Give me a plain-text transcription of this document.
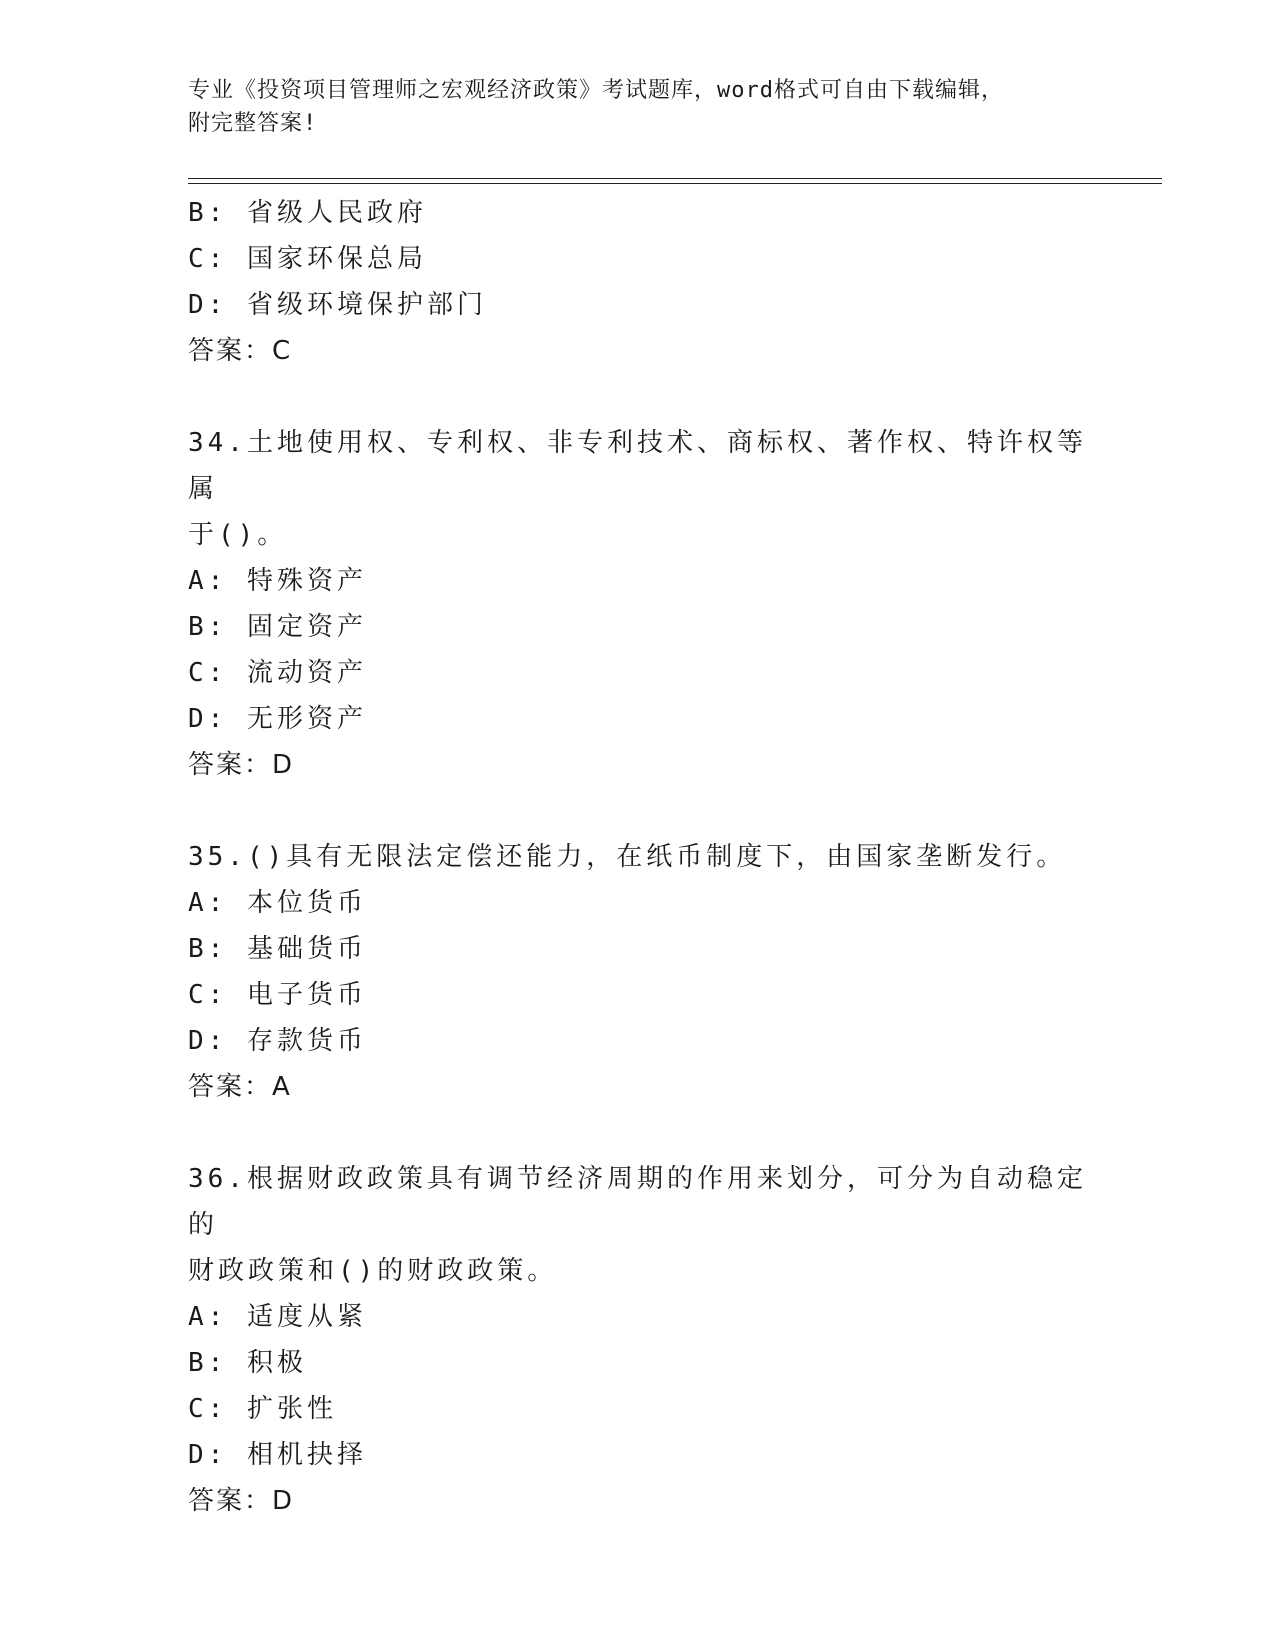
专业《投资项目管理师之宏观经济政策》考试题库，word格式可自由下载编辑，
附完整答案!
B: 省级人民政府
C: 国家环保总局
D: 省级环境保护部门
答案：C
34.土地使用权、专利权、非专利技术、商标权、著作权、特许权等属
于()。
A: 特殊资产
B: 固定资产
C: 流动资产
D: 无形资产
答案：D
35.()具有无限法定偿还能力，在纸币制度下，由国家垄断发行。
A: 本位货币
B: 基础货币
C: 电子货币
D: 存款货币
答案：A
36.根据财政政策具有调节经济周期的作用来划分，可分为自动稳定的
财政政策和()的财政政策。
A: 适度从紧
B: 积极
C: 扩张性
D: 相机抉择
答案：D
